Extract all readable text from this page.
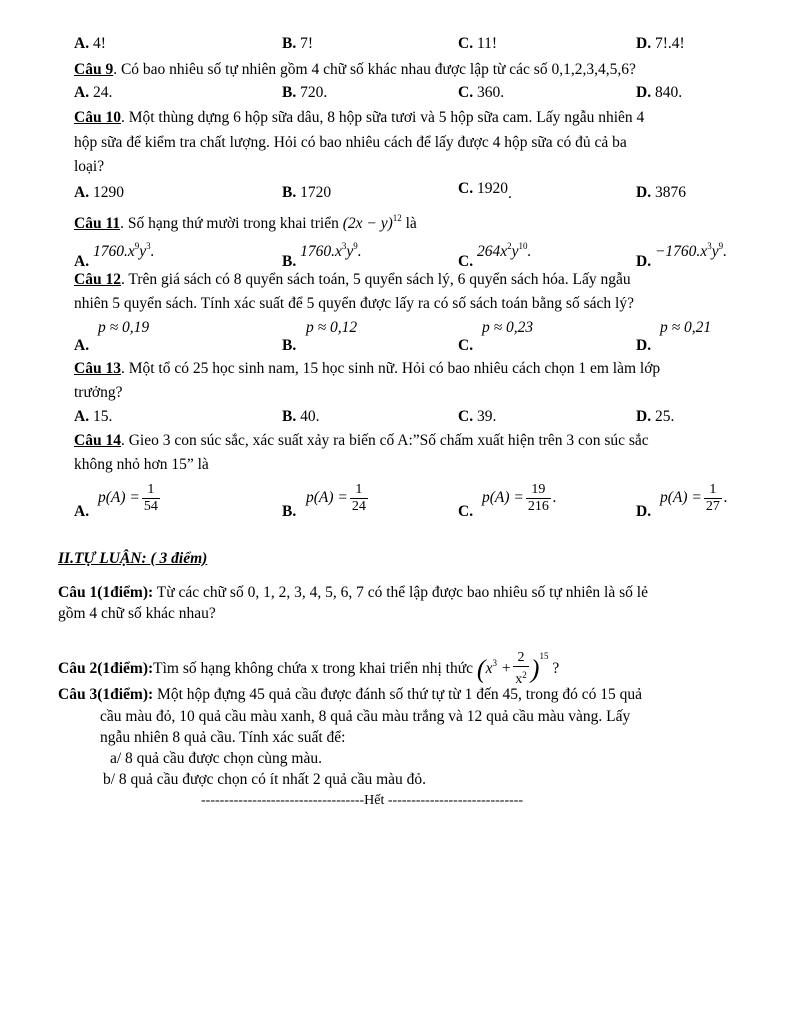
A. 4!	B. 7!	C. 11!	D. 7!.4!
Câu 9. Có bao nhiêu số tự nhiên gồm 4 chữ số khác nhau được lập từ các số 0,1,2,3,4,5,6?
A. 24.	B. 720.	C. 360.	D. 840.
Câu 10. Một thùng dựng 6 hộp sữa dâu, 8 hộp sữa tươi và 5 hộp sữa cam. Lấy ngẫu nhiên 4
hộp sữa để kiểm tra chất lượng. Hỏi có bao nhiêu cách để lấy được 4 hộp sữa có đủ cả ba
loại?
A. 1290	B. 1720	C. 1920.	D. 3876
Câu 11. Số hạng thứ mười trong khai triển $(2x - y)^{12}$ là
A. $1760.x^9y^3$.
B. $1760.x^3y^9$.
C. $264x^2y^{10}$.
D. $-1760.x^3y^9$.
Câu 12. Trên giá sách có 8 quyển sách toán, 5 quyển sách lý, 6 quyển sách hóa. Lấy ngẫu
nhiên 5 quyển sách. Tính xác suất để 5 quyển được lấy ra có số sách toán bằng số sách lý?
p ≈ 0,19
A.
p ≈ 0,12
B.
p ≈ 0,23
C.
p ≈ 0,21
D.
Câu 13. Một tổ có 25 học sinh nam, 15 học sinh nữ. Hỏi có bao nhiêu cách chọn 1 em làm lớp
trưởng?
A. 15.	B. 40.	C. 39.	D. 25.
Câu 14. Gieo 3 con súc sắc, xác suất xảy ra biến cố A:”Số chấm xuất hiện trên 3 con súc sắc
không nhỏ hơn 15” là
A.
$p(A) = \frac{1}{54}$	B.
$p(A) = \frac{1}{24}$	C.
$p(A) = \frac{19}{216}$ .
D.
$p(A) = \frac{1}{27}$ .
II.TỰ LUẬN: ( 3 điểm)
Câu 1(1điểm): Từ các chữ số 0, 1, 2, 3, 4, 5, 6, 7 có thể lập được bao nhiêu số tự nhiên là số lẻ
gồm 4 chữ số khác nhau?
Câu 2(1điểm):Tìm số hạng không chứa x trong khai triển nhị thức $(x^3 + \frac{2}{x^2} )^{15}$ ?
Câu 3(1điểm): Một hộp đựng 45 quả cầu được đánh số thứ tự từ 1 đến 45, trong đó có 15 quả
cầu màu đỏ, 10 quả cầu màu xanh, 8 quả cầu màu trắng và 12 quả cầu màu vàng. Lấy
ngẫu nhiên 8 quả cầu. Tính xác suất để:
a/ 8 quả cầu được chọn cùng màu.
b/ 8 quả cầu được chọn có ít nhất 2 quả cầu màu đỏ.
-----------------------------------Hết -----------------------------
